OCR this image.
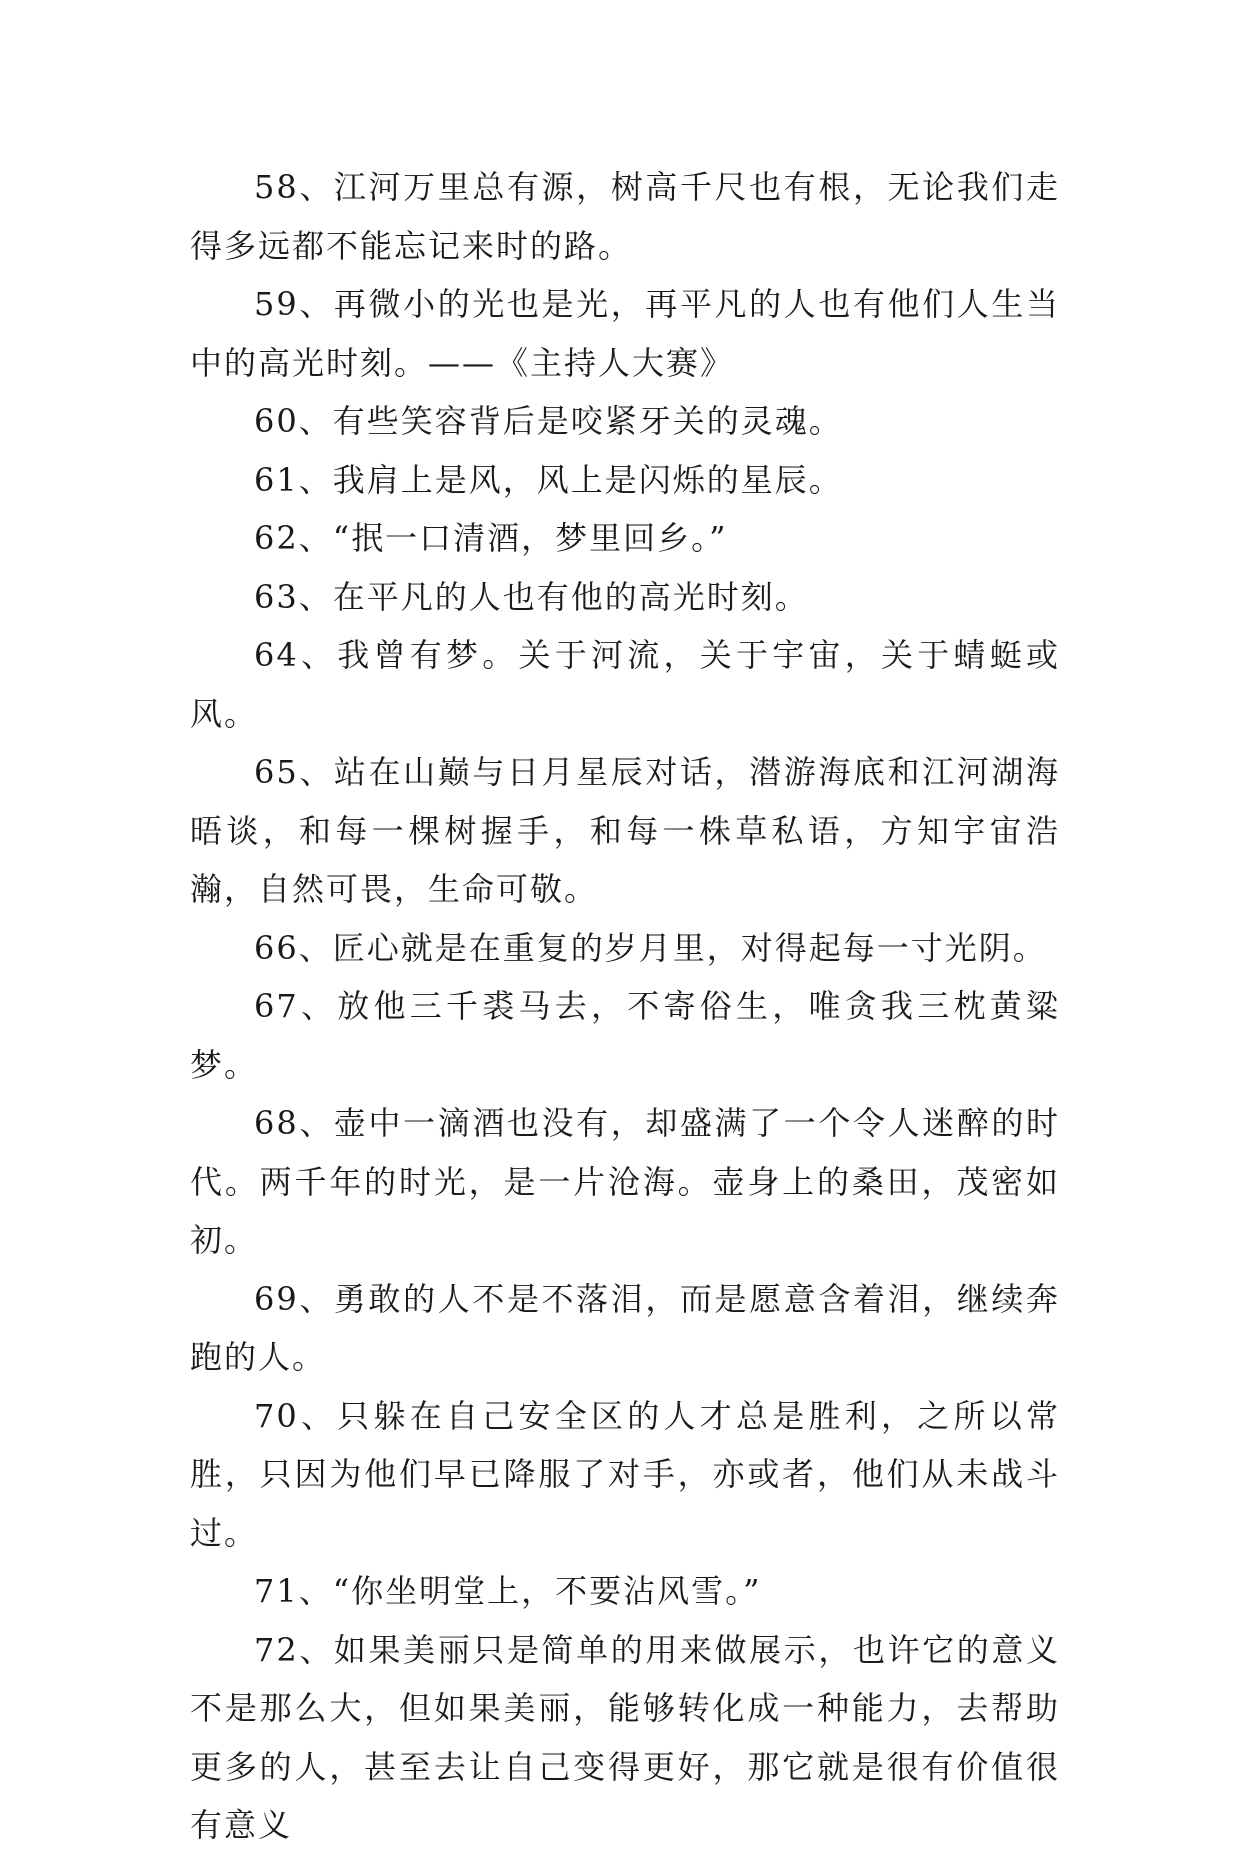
58、江河万里总有源，树高千尺也有根，无论我们走得多远都不能忘记来时的路。

59、再微小的光也是光，再平凡的人也有他们人生当中的高光时刻。——《主持人大赛》

60、有些笑容背后是咬紧牙关的灵魂。

61、我肩上是风，风上是闪烁的星辰。

62、“抿一口清酒，梦里回乡。”

63、在平凡的人也有他的高光时刻。

64、我曾有梦。关于河流，关于宇宙，关于蜻蜓或风。

65、站在山巅与日月星辰对话，潜游海底和江河湖海晤谈，和每一棵树握手，和每一株草私语，方知宇宙浩瀚，自然可畏，生命可敬。

66、匠心就是在重复的岁月里，对得起每一寸光阴。

67、放他三千裘马去，不寄俗生，唯贪我三枕黄粱梦。

68、壶中一滴酒也没有，却盛满了一个令人迷醉的时代。两千年的时光，是一片沧海。壶身上的桑田，茂密如初。

69、勇敢的人不是不落泪，而是愿意含着泪，继续奔跑的人。

70、只躲在自己安全区的人才总是胜利，之所以常胜，只因为他们早已降服了对手，亦或者，他们从未战斗过。

71、“你坐明堂上，不要沾风雪。”

72、如果美丽只是简单的用来做展示，也许它的意义不是那么大，但如果美丽，能够转化成一种能力，去帮助更多的人，甚至去让自己变得更好，那它就是很有价值很有意义
